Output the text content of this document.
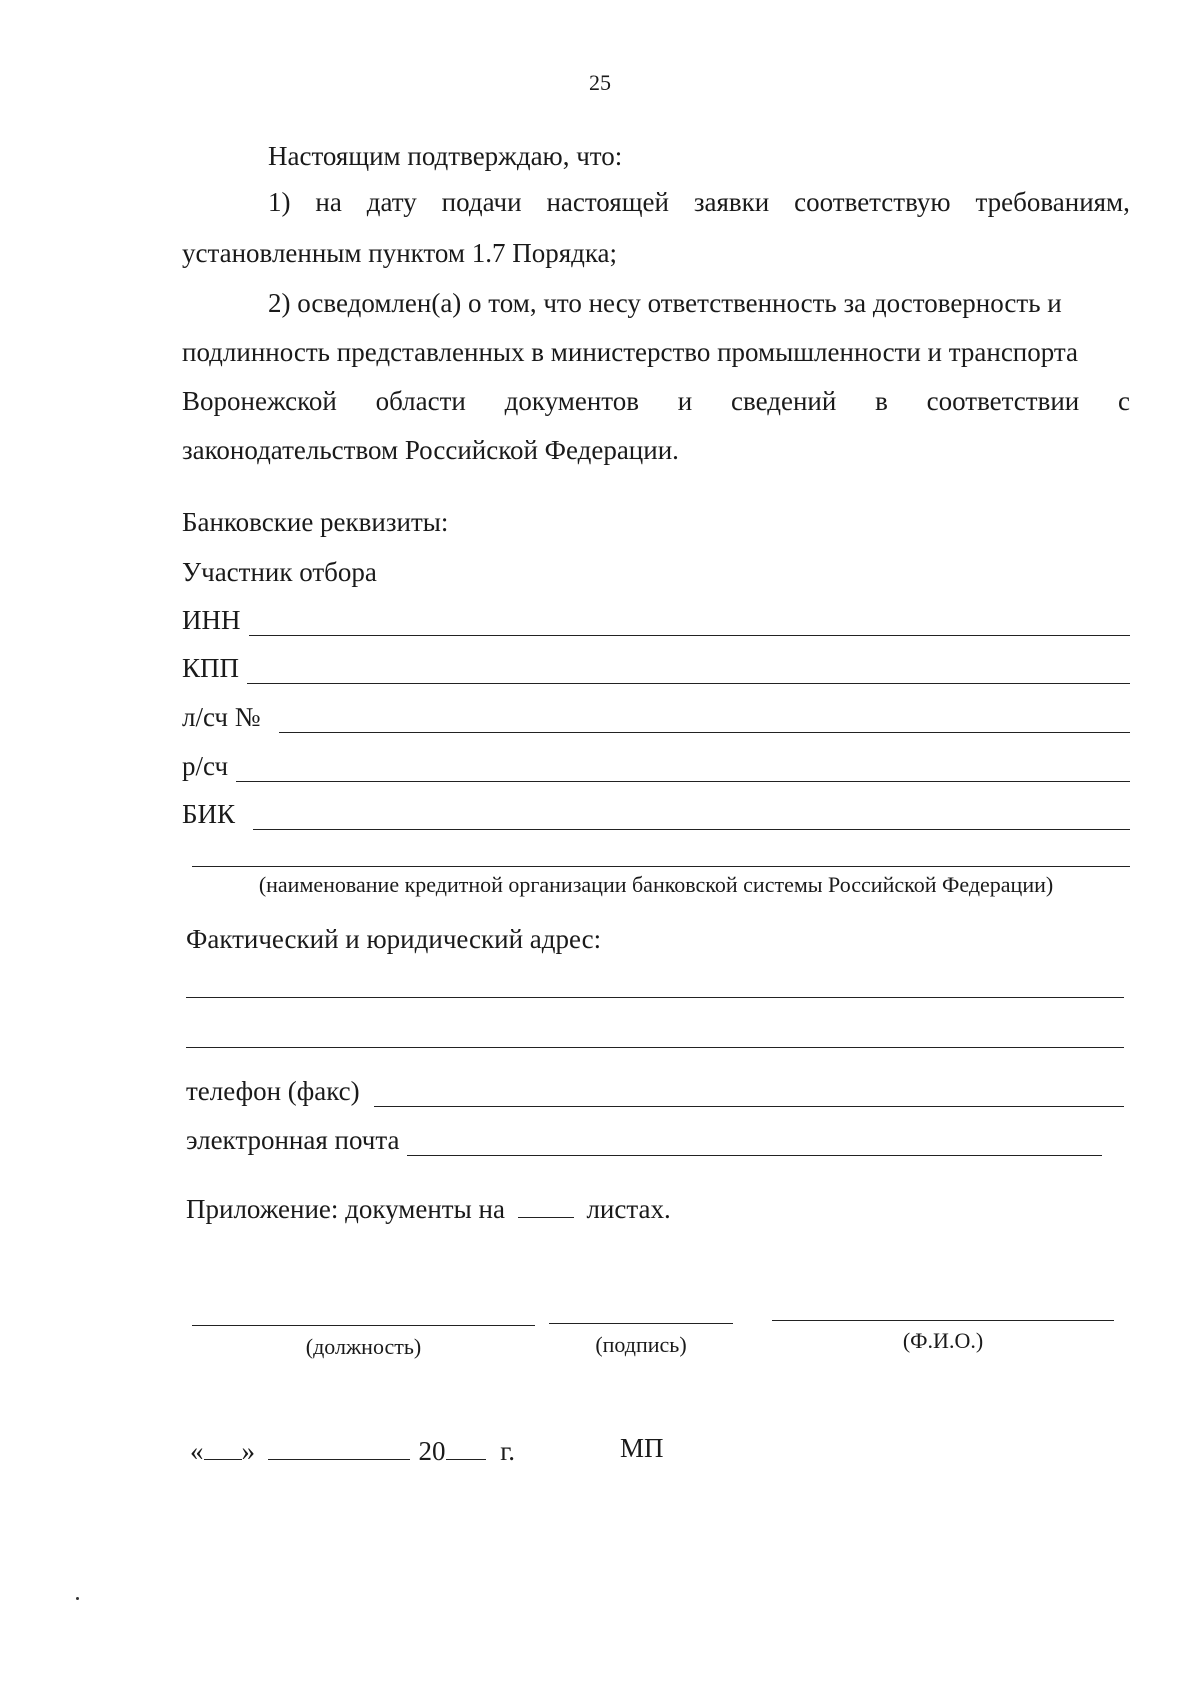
25
Настоящим подтверждаю, что:
1) на дату подачи настоящей заявки соответствую требованиям,
установленным пунктом 1.7 Порядка;
2) осведомлен(а) о том, что несу ответственность за достоверность и
подлинность представленных в министерство промышленности и транспорта
Воронежской области документов и сведений в соответствии с
законодательством Российской Федерации.
Банковские реквизиты:
Участник отбора
ИНН
КПП
л/сч №
р/сч
БИК
(наименование кредитной организации банковской системы Российской Федерации)
Фактический и юридический адрес:
телефон (факс)
электронная почта
Приложение: документы на	листах.
(должность)	(подпись)	(Ф.И.О.)
« »	20 г.	МП
